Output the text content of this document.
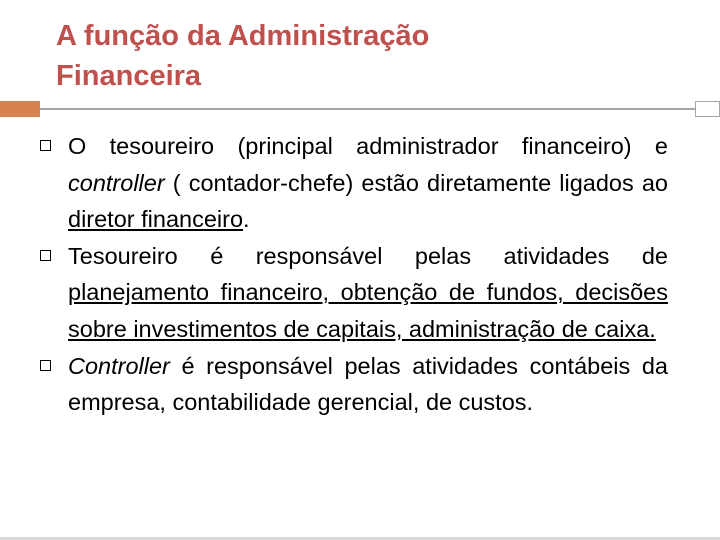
A função da Administração
Financeira
O tesoureiro (principal administrador financeiro) e controller ( contador-chefe) estão diretamente ligados ao diretor financeiro.
Tesoureiro é responsável pelas atividades de planejamento financeiro, obtenção de fundos, decisões sobre investimentos de capitais, administração de caixa.
Controller é responsável pelas atividades contábeis da empresa, contabilidade gerencial, de custos.
